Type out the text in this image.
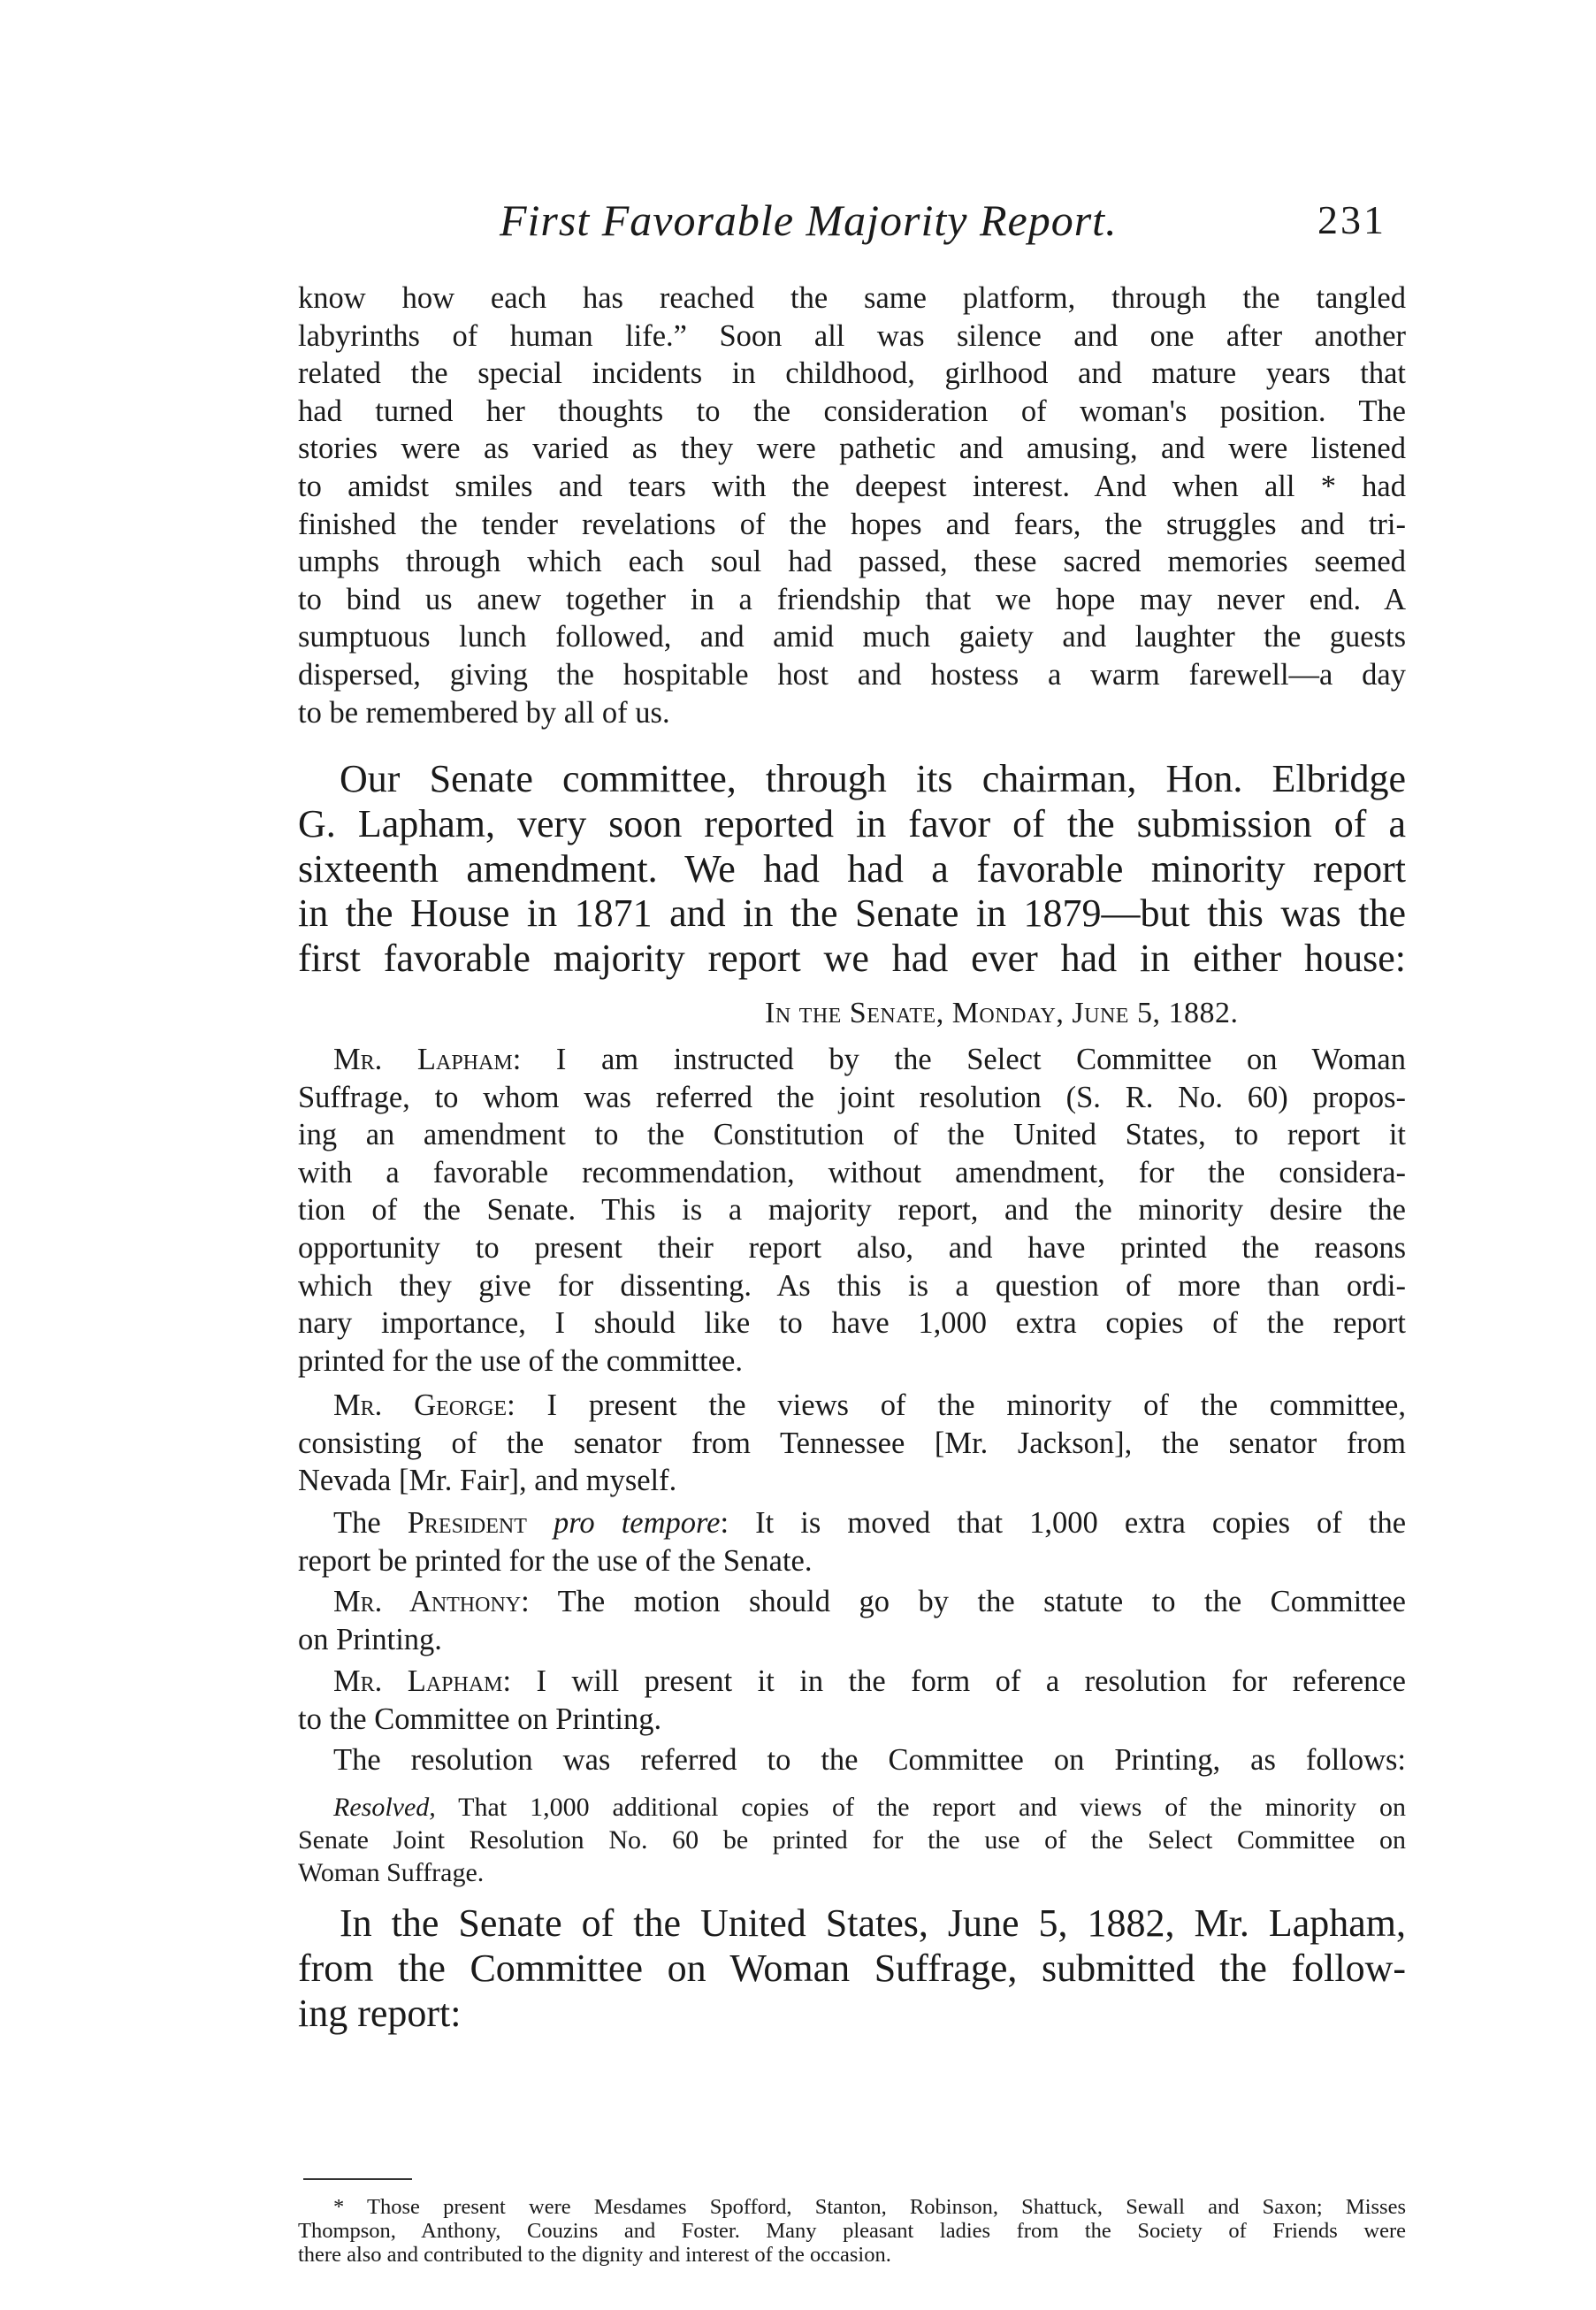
First Favorable Majority Report.	231
know how each has reached the same platform, through the tangled
labyrinths of human life.” Soon all was silence and one after another
related the special incidents in childhood, girlhood and mature years that
had turned her thoughts to the consideration of woman's position. The
stories were as varied as they were pathetic and amusing, and were listened
to amidst smiles and tears with the deepest interest. And when all * had
finished the tender revelations of the hopes and fears, the struggles and tri-
umphs through which each soul had passed, these sacred memories seemed
to bind us anew together in a friendship that we hope may never end. A
sumptuous lunch followed, and amid much gaiety and laughter the guests
dispersed, giving the hospitable host and hostess a warm farewell—a day
to be remembered by all of us.
Our Senate committee, through its chairman, Hon. Elbridge
G. Lapham, very soon reported in favor of the submission of a
sixteenth amendment. We had had a favorable minority report
in the House in 1871 and in the Senate in 1879—but this was the
first favorable majority report we had ever had in either house:
In the Senate, Monday, June 5, 1882.
Mr. Lapham: I am instructed by the Select Committee on Woman
Suffrage, to whom was referred the joint resolution (S. R. No. 60) propos-
ing an amendment to the Constitution of the United States, to report it
with a favorable recommendation, without amendment, for the considera-
tion of the Senate. This is a majority report, and the minority desire the
opportunity to present their report also, and have printed the reasons
which they give for dissenting. As this is a question of more than ordi-
nary importance, I should like to have 1,000 extra copies of the report
printed for the use of the committee.
Mr. George: I present the views of the minority of the committee,
consisting of the senator from Tennessee [Mr. Jackson], the senator from
Nevada [Mr. Fair], and myself.
The President pro tempore: It is moved that 1,000 extra copies of the
report be printed for the use of the Senate.
Mr. Anthony: The motion should go by the statute to the Committee
on Printing.
Mr. Lapham: I will present it in the form of a resolution for reference
to the Committee on Printing.
The resolution was referred to the Committee on Printing, as follows:
Resolved, That 1,000 additional copies of the report and views of the minority on
Senate Joint Resolution No. 60 be printed for the use of the Select Committee on
Woman Suffrage.
In the Senate of the United States, June 5, 1882, Mr. Lapham,
from the Committee on Woman Suffrage, submitted the follow-
ing report:
* Those present were Mesdames Spofford, Stanton, Robinson, Shattuck, Sewall and Saxon; Misses
Thompson, Anthony, Couzins and Foster. Many pleasant ladies from the Society of Friends were
there also and contributed to the dignity and interest of the occasion.
